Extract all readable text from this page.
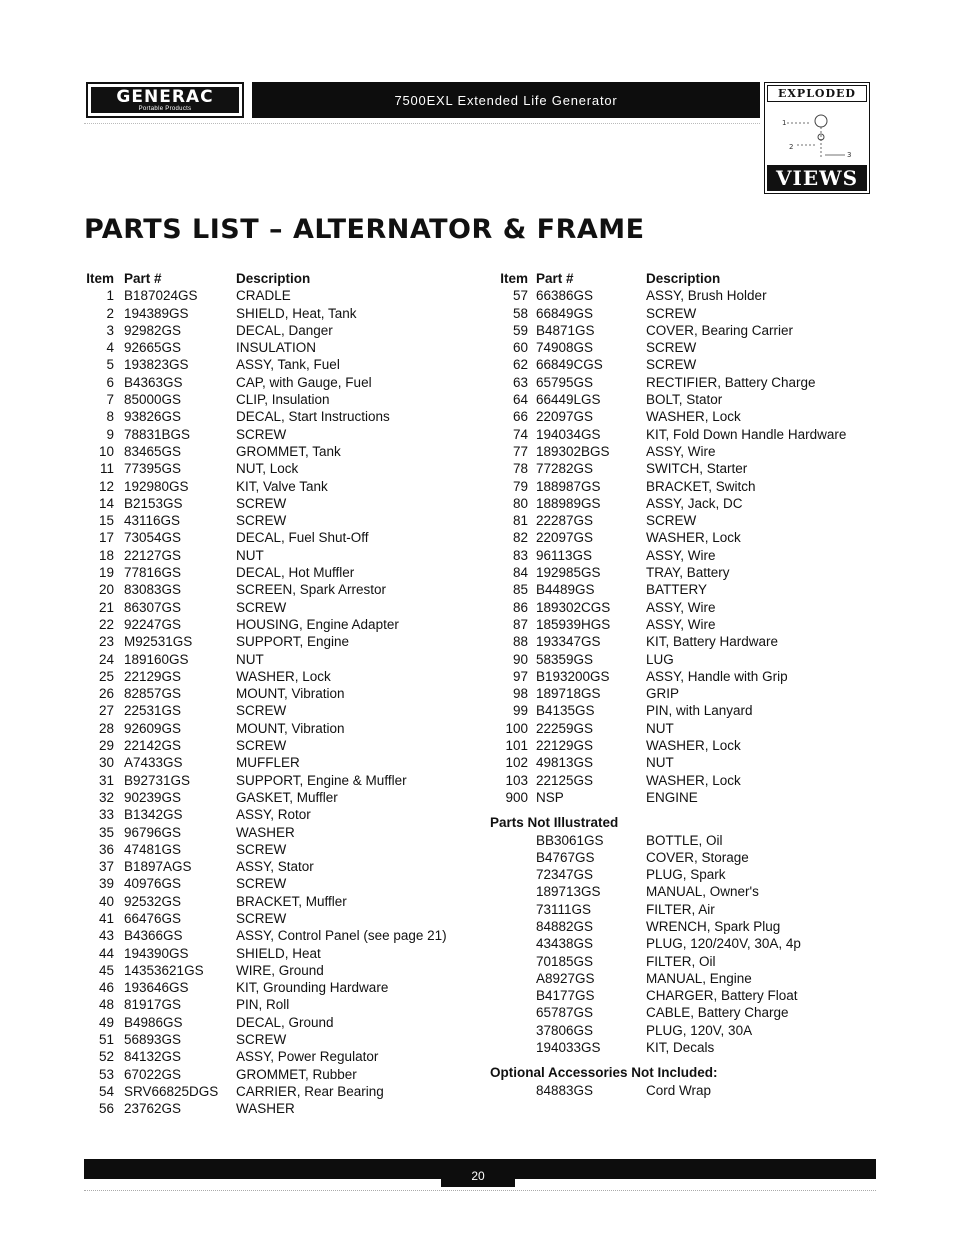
GENERAC
Portable Products
7500EXL Extended Life Generator	EXPLODED
1
2
3
VIEWS
PARTS LIST – ALTERNATOR & FRAME
Item Part #	Description
1 B187024GS	CRADLE
2 194389GS	SHIELD, Heat, Tank
3 92982GS	DECAL, Danger
4 92665GS	INSULATION
5 193823GS	ASSY, Tank, Fuel
6 B4363GS	CAP, with Gauge, Fuel
7 85000GS	CLIP, Insulation
8 93826GS	DECAL, Start Instructions
9 78831BGS	SCREW
10 83465GS	GROMMET, Tank
11 77395GS	NUT, Lock
12 192980GS	KIT, Valve Tank
14 B2153GS	SCREW
15 43116GS	SCREW
17 73054GS	DECAL, Fuel Shut-Off
18 22127GS	NUT
19 77816GS	DECAL, Hot Muffler
20 83083GS	SCREEN, Spark Arrestor
21 86307GS	SCREW
22 92247GS	HOUSING, Engine Adapter
23 M92531GS	SUPPORT, Engine
24 189160GS	NUT
25 22129GS	WASHER, Lock
26 82857GS	MOUNT, Vibration
27 22531GS	SCREW
28 92609GS	MOUNT, Vibration
29 22142GS	SCREW
30 A7433GS	MUFFLER
31 B92731GS	SUPPORT, Engine & Muffler
32 90239GS	GASKET, Muffler
33 B1342GS	ASSY, Rotor
35 96796GS	WASHER
36 47481GS	SCREW
37 B1897AGS	ASSY, Stator
39 40976GS	SCREW
40 92532GS	BRACKET, Muffler
41 66476GS	SCREW
43 B4366GS	ASSY, Control Panel (see page 21)
44 194390GS	SHIELD, Heat
45 14353621GS	WIRE, Ground
46 193646GS	KIT, Grounding Hardware
48 81917GS	PIN, Roll
49 B4986GS	DECAL, Ground
51 56893GS	SCREW
52 84132GS	ASSY, Power Regulator
53 67022GS	GROMMET, Rubber
54 SRV66825DGS	CARRIER, Rear Bearing
56 23762GS	WASHER
Item Part #	Description
57 66386GS	ASSY, Brush Holder
58 66849GS	SCREW
59 B4871GS	COVER, Bearing Carrier
60 74908GS	SCREW
62 66849CGS	SCREW
63 65795GS	RECTIFIER, Battery Charge
64 66449LGS	BOLT, Stator
66 22097GS	WASHER, Lock
74 194034GS	KIT, Fold Down Handle Hardware
77 189302BGS	ASSY, Wire
78 77282GS	SWITCH, Starter
79 188987GS	BRACKET, Switch
80 188989GS	ASSY, Jack, DC
81 22287GS	SCREW
82 22097GS	WASHER, Lock
83 96113GS	ASSY, Wire
84 192985GS	TRAY, Battery
85 B4489GS	BATTERY
86 189302CGS	ASSY, Wire
87 185939HGS	ASSY, Wire
88 193347GS	KIT, Battery Hardware
90 58359GS	LUG
97 B193200GS	ASSY, Handle with Grip
98 189718GS	GRIP
99 B4135GS	PIN, with Lanyard
100 22259GS	NUT
101 22129GS	WASHER, Lock
102 49813GS	NUT
103 22125GS	WASHER, Lock
900 NSP	ENGINE
Parts Not Illustrated
BB3061GS	BOTTLE, Oil
B4767GS	COVER, Storage
72347GS	PLUG, Spark
189713GS	MANUAL, Owner's
73111GS	FILTER, Air
84882GS	WRENCH, Spark Plug
43438GS	PLUG, 120/240V, 30A, 4p
70185GS	FILTER, Oil
A8927GS	MANUAL, Engine
B4177GS	CHARGER, Battery Float
65787GS	CABLE, Battery Charge
37806GS	PLUG, 120V, 30A
194033GS	KIT, Decals
Optional Accessories Not Included:
84883GS	Cord Wrap
20
